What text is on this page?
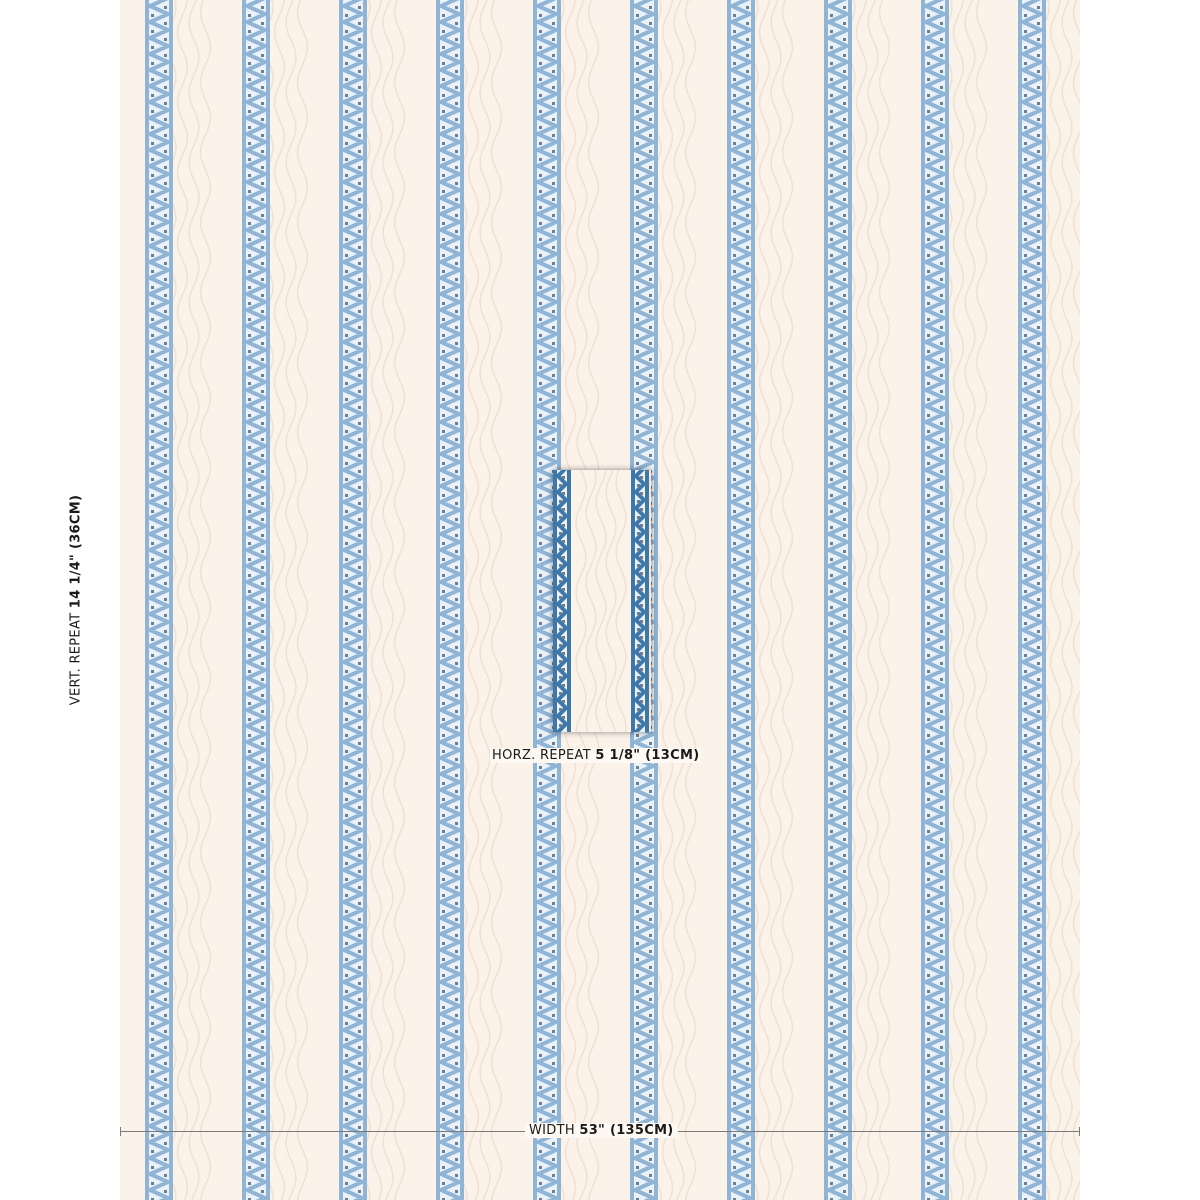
HORZ. REPEAT 5 1/8" (13CM)
VERT. REPEAT 14 1/4" (36CM)
WIDTH 53" (135CM)
